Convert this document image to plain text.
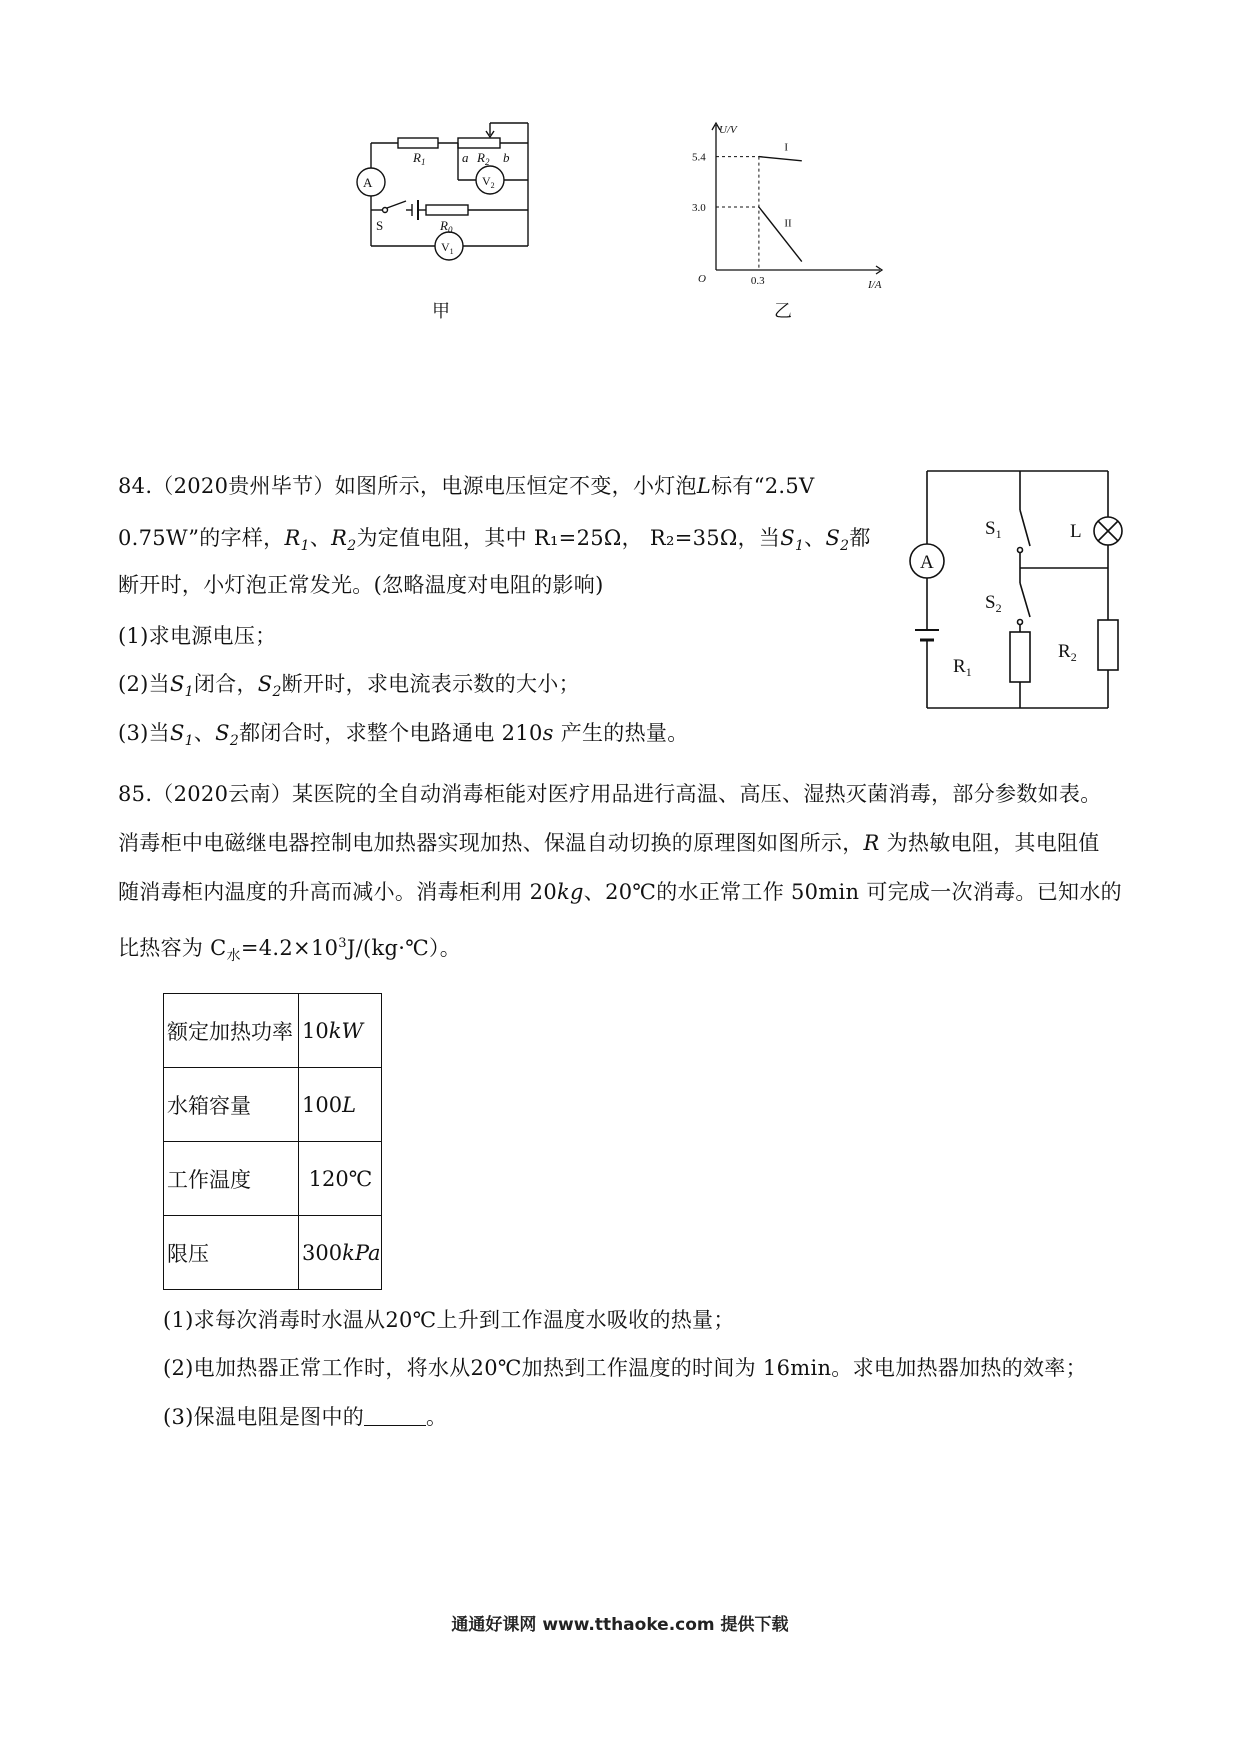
A
$R_1$	a $R_2$ b
$V_2$
S	$R_0$
$V_1$
甲
I
II
5.4
3.0
0.3
U/V
I/A
O
乙
84.（2020贵州毕节）如图所示，电源电压恒定不变，小灯泡L标有“2.5V
0.75W”的字样，$R_1$、$R_2$为定值电阻，其中 R₁=25Ω， R₂=35Ω，当$S_1$、$S_2$都
断开时，小灯泡正常发光。(忽略温度对电阻的影响)
(1)求电源电压；
(2)当$S_1$闭合，$S_2$断开时，求电流表示数的大小；
(3)当$S_1$、$S_2$都闭合时，求整个电路通电 210s 产生的热量。
A
$S_1$	L
$S_2$
$R_1$
$R_2$
85.（2020云南）某医院的全自动消毒柜能对医疗用品进行高温、高压、湿热灭菌消毒，部分参数如表。
消毒柜中电磁继电器控制电加热器实现加热、保温自动切换的原理图如图所示，R 为热敏电阻，其电阻值
随消毒柜内温度的升高而减小。消毒柜利用 20kg、20℃的水正常工作 50min 可完成一次消毒。已知水的
比热容为 $C_水=4.2\times 10^3J/(kg\cdot℃)$。
额定加热功率	10kW
水箱容量	100L
工作温度	120℃
限压	300kPa
(1)求每次消毒时水温从20℃上升到工作温度水吸收的热量；
(2)电加热器正常工作时，将水从20℃加热到工作温度的时间为 16min。求电加热器加热的效率；
(3)保温电阻是图中的	。
通通好课网 www.tthaoke.com 提供下载
